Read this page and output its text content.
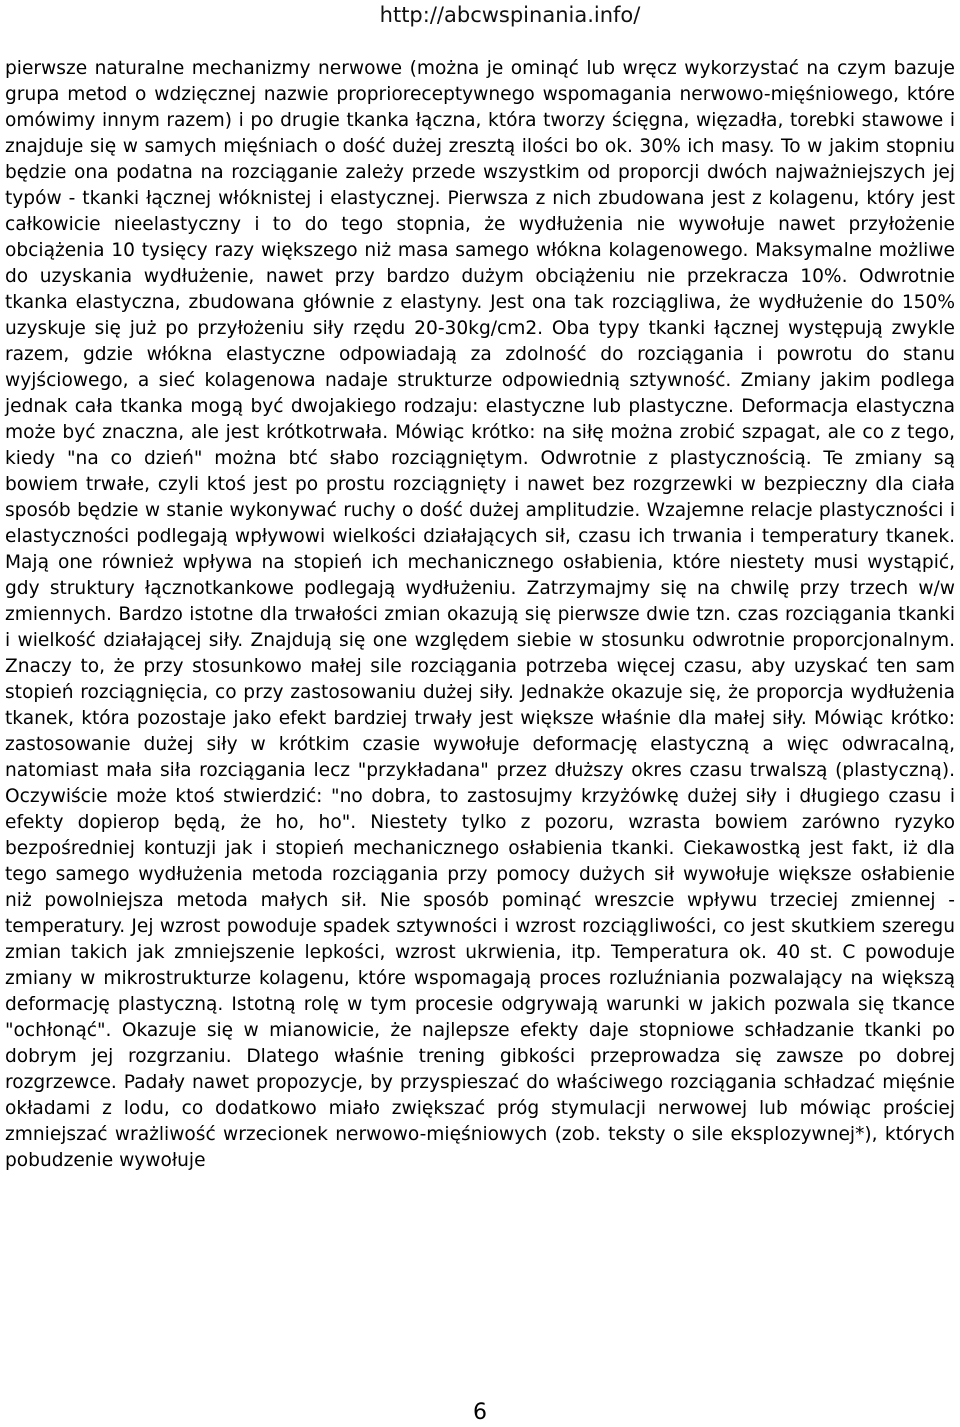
http://abcwspinania.info/

pierwsze naturalne mechanizmy nerwowe (można je ominąć lub wręcz wykorzystać na czym bazuje grupa metod o wdzięcznej nazwie proprioreceptywnego wspomagania nerwowo-mięśniowego, które omówimy innym razem) i po drugie tkanka łączna, która tworzy ścięgna, więzadła, torebki stawowe i znajduje się w samych mięśniach o dość dużej zresztą ilości bo ok. 30% ich masy. To w jakim stopniu będzie ona podatna na rozciąganie zależy przede wszystkim od proporcji dwóch najważniejszych jej typów - tkanki łącznej włóknistej i elastycznej. Pierwsza z nich zbudowana jest z kolagenu, który jest całkowicie nieelastyczny i to do tego stopnia, że wydłużenia nie wywołuje nawet przyłożenie obciążenia 10 tysięcy razy większego niż masa samego włókna kolagenowego. Maksymalne możliwe do uzyskania wydłużenie, nawet przy bardzo dużym obciążeniu nie przekracza 10%. Odwrotnie tkanka elastyczna, zbudowana głównie z elastyny. Jest ona tak rozciągliwa, że wydłużenie do 150% uzyskuje się już po przyłożeniu siły rzędu 20-30kg/cm2. Oba typy tkanki łącznej występują zwykle razem, gdzie włókna elastyczne odpowiadają za zdolność do rozciągania i powrotu do stanu wyjściowego, a sieć kolagenowa nadaje strukturze odpowiednią sztywność. Zmiany jakim podlega jednak cała tkanka mogą być dwojakiego rodzaju: elastyczne lub plastyczne. Deformacja elastyczna może być znaczna, ale jest krótkotrwała. Mówiąc krótko: na siłę można zrobić szpagat, ale co z tego, kiedy "na co dzień" można btć słabo rozciągniętym. Odwrotnie z plastycznością. Te zmiany są bowiem trwałe, czyli ktoś jest po prostu rozciągnięty i nawet bez rozgrzewki w bezpieczny dla ciała sposób będzie w stanie wykonywać ruchy o dość dużej amplitudzie. Wzajemne relacje plastyczności i elastyczności podlegają wpływowi wielkości działających sił, czasu ich trwania i temperatury tkanek. Mają one również wpływa na stopień ich mechanicznego osłabienia, które niestety musi wystąpić, gdy struktury łącznotkankowe podlegają wydłużeniu. Zatrzymajmy się na chwilę przy trzech w/w zmiennych. Bardzo istotne dla trwałości zmian okazują się pierwsze dwie tzn. czas rozciągania tkanki i wielkość działającej siły. Znajdują się one względem siebie w stosunku odwrotnie proporcjonalnym. Znaczy to, że przy stosunkowo małej sile rozciągania potrzeba więcej czasu, aby uzyskać ten sam stopień rozciągnięcia, co przy zastosowaniu dużej siły. Jednakże okazuje się, że proporcja wydłużenia tkanek, która pozostaje jako efekt bardziej trwały jest większe właśnie dla małej siły. Mówiąc krótko: zastosowanie dużej siły w krótkim czasie wywołuje deformację elastyczną a więc odwracalną, natomiast mała siła rozciągania lecz "przykładana" przez dłuższy okres czasu trwalszą (plastyczną). Oczywiście może ktoś stwierdzić: "no dobra, to zastosujmy krzyżówkę dużej siły i długiego czasu i efekty dopierop będą, że ho, ho". Niestety tylko z pozoru, wzrasta bowiem zarówno ryzyko bezpośredniej kontuzji jak i stopień mechanicznego osłabienia tkanki. Ciekawostką jest fakt, iż dla tego samego wydłużenia metoda rozciągania przy pomocy dużych sił wywołuje większe osłabienie niż powolniejsza metoda małych sił. Nie sposób pominąć wreszcie wpływu trzeciej zmiennej - temperatury. Jej wzrost powoduje spadek sztywności i wzrost rozciągliwości, co jest skutkiem szeregu zmian takich jak zmniejszenie lepkości, wzrost ukrwienia, itp. Temperatura ok. 40 st. C powoduje zmiany w mikrostrukturze kolagenu, które wspomagają proces rozluźniania pozwalający na większą deformację plastyczną. Istotną rolę w tym procesie odgrywają warunki w jakich pozwala się tkance "ochłonąć". Okazuje się w mianowicie, że najlepsze efekty daje stopniowe schładzanie tkanki po dobrym jej rozgrzaniu. Dlatego właśnie trening gibkości przeprowadza się zawsze po dobrej rozgrzewce. Padały nawet propozycje, by przyspieszać do właściwego rozciągania schładzać mięśnie okładami z lodu, co dodatkowo miało zwiększać próg stymulacji nerwowej lub mówiąc prościej zmniejszać wrażliwość wrzecionek nerwowo-mięśniowych (zob. teksty o sile eksplozywnej*), których pobudzenie wywołuje

6
